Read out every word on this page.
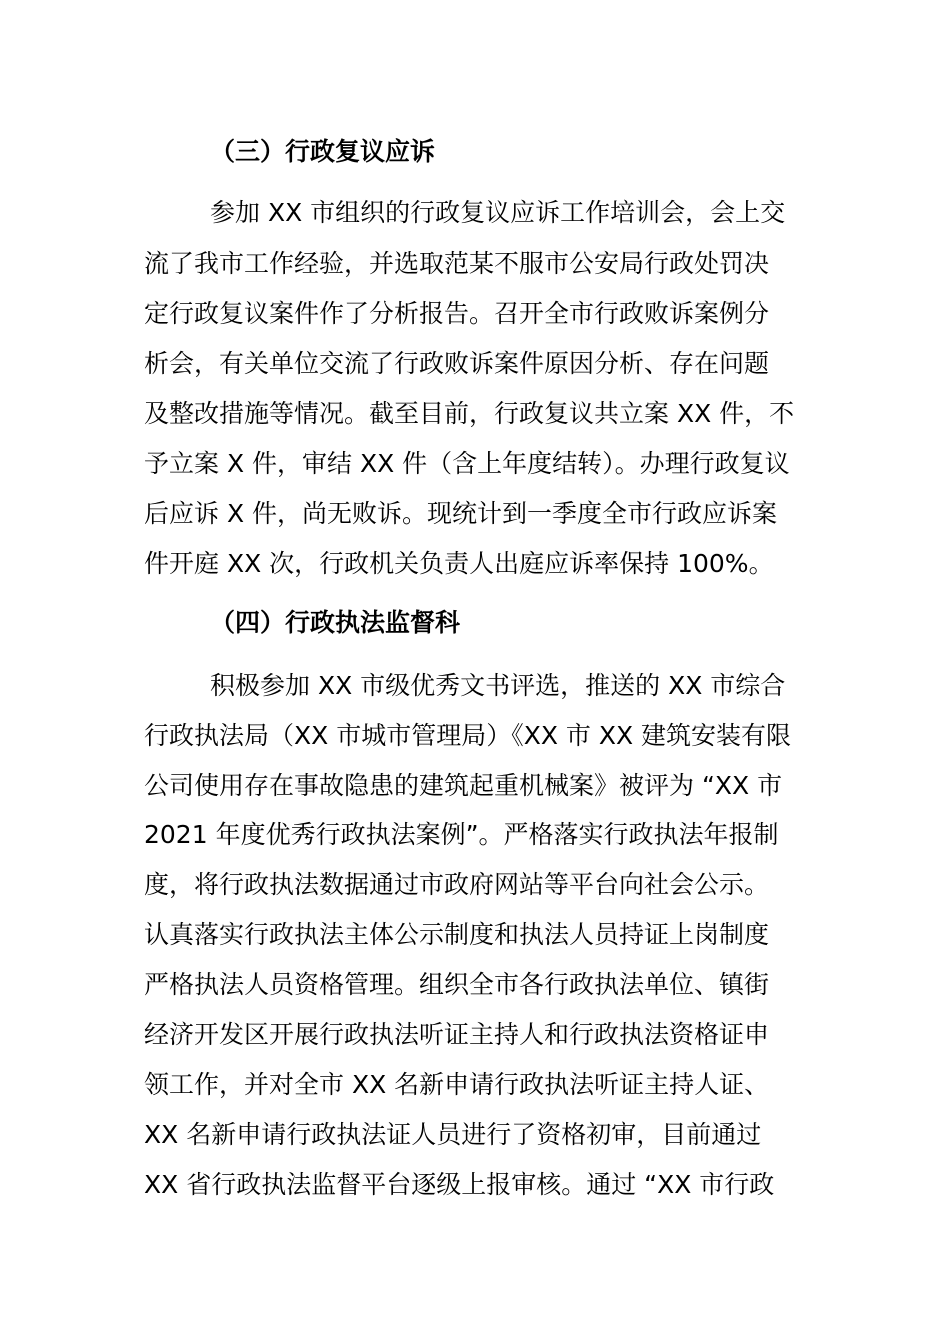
（三）行政复议应诉
参加 XX 市组织的行政复议应诉工作培训会，会上交
流了我市工作经验，并选取范某不服市公安局行政处罚决
定行政复议案件作了分析报告。召开全市行政败诉案例分
析会，有关单位交流了行政败诉案件原因分析、存在问题
及整改措施等情况。截至目前，行政复议共立案 XX 件，不
予立案 X 件，审结 XX 件（含上年度结转）。办理行政复议
后应诉 X 件，尚无败诉。现统计到一季度全市行政应诉案
件开庭 XX 次，行政机关负责人出庭应诉率保持 100%。
（四）行政执法监督科
积极参加 XX 市级优秀文书评选，推送的 XX 市综合
行政执法局（XX 市城市管理局）《XX 市 XX 建筑安装有限
公司使用存在事故隐患的建筑起重机械案》被评为 “XX 市
2021 年度优秀行政执法案例”。严格落实行政执法年报制
度，将行政执法数据通过市政府网站等平台向社会公示。
认真落实行政执法主体公示制度和执法人员持证上岗制度
严格执法人员资格管理。组织全市各行政执法单位、镇街
经济开发区开展行政执法听证主持人和行政执法资格证申
领工作，并对全市 XX 名新申请行政执法听证主持人证、
XX 名新申请行政执法证人员进行了资格初审，目前通过
XX 省行政执法监督平台逐级上报审核。通过 “XX 市行政
